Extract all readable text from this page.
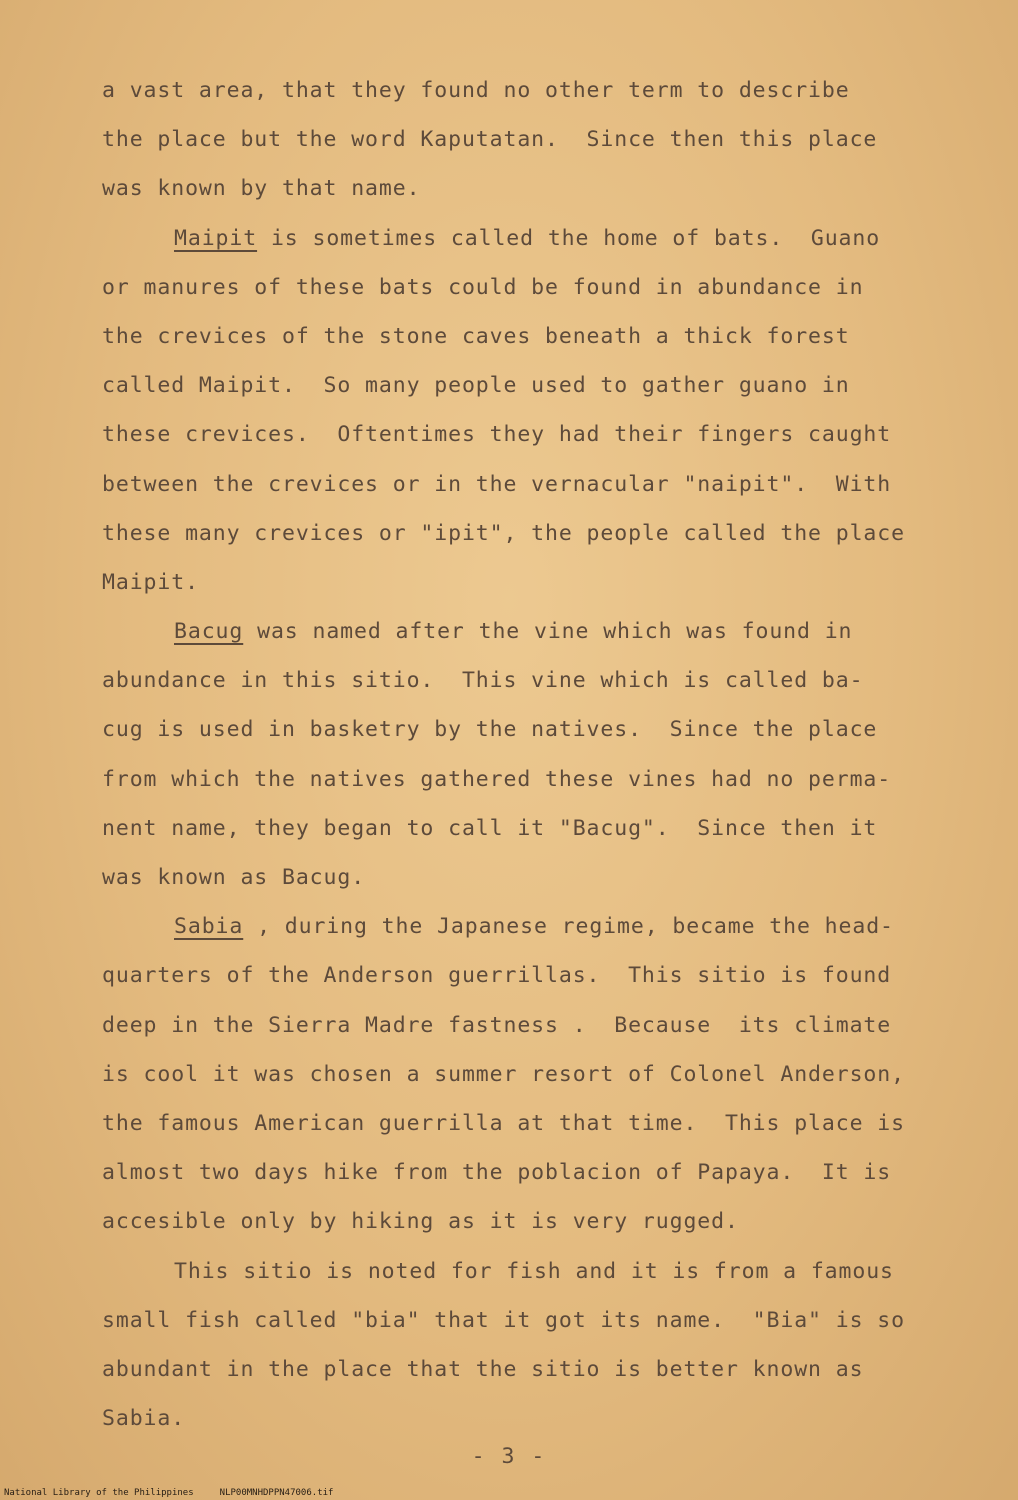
a vast area, that they found no other term to describe
the place but the word Kaputatan.  Since then this place
was known by that name.
Maipit is sometimes called the home of bats.  Guano
or manures of these bats could be found in abundance in
the crevices of the stone caves beneath a thick forest
called Maipit.  So many people used to gather guano in
these crevices.  Oftentimes they had their fingers caught
between the crevices or in the vernacular "naipit".  With
these many crevices or "ipit", the people called the place
Maipit.
Bacug was named after the vine which was found in
abundance in this sitio.  This vine which is called ba-
cug is used in basketry by the natives.  Since the place
from which the natives gathered these vines had no perma-
nent name, they began to call it "Bacug".  Since then it
was known as Bacug.
Sabia , during the Japanese regime, became the head-
quarters of the Anderson guerrillas.  This sitio is found
deep in the Sierra Madre fastness .  Because  its climate
is cool it was chosen a summer resort of Colonel Anderson,
the famous American guerrilla at that time.  This place is
almost two days hike from the poblacion of Papaya.  It is
accesible only by hiking as it is very rugged.
This sitio is noted for fish and it is from a famous
small fish called "bia" that it got its name.  "Bia" is so
abundant in the place that the sitio is better known as
Sabia.
- 3 -
National Library of the Philippines	NLP00MNHDPPN47006.tif
